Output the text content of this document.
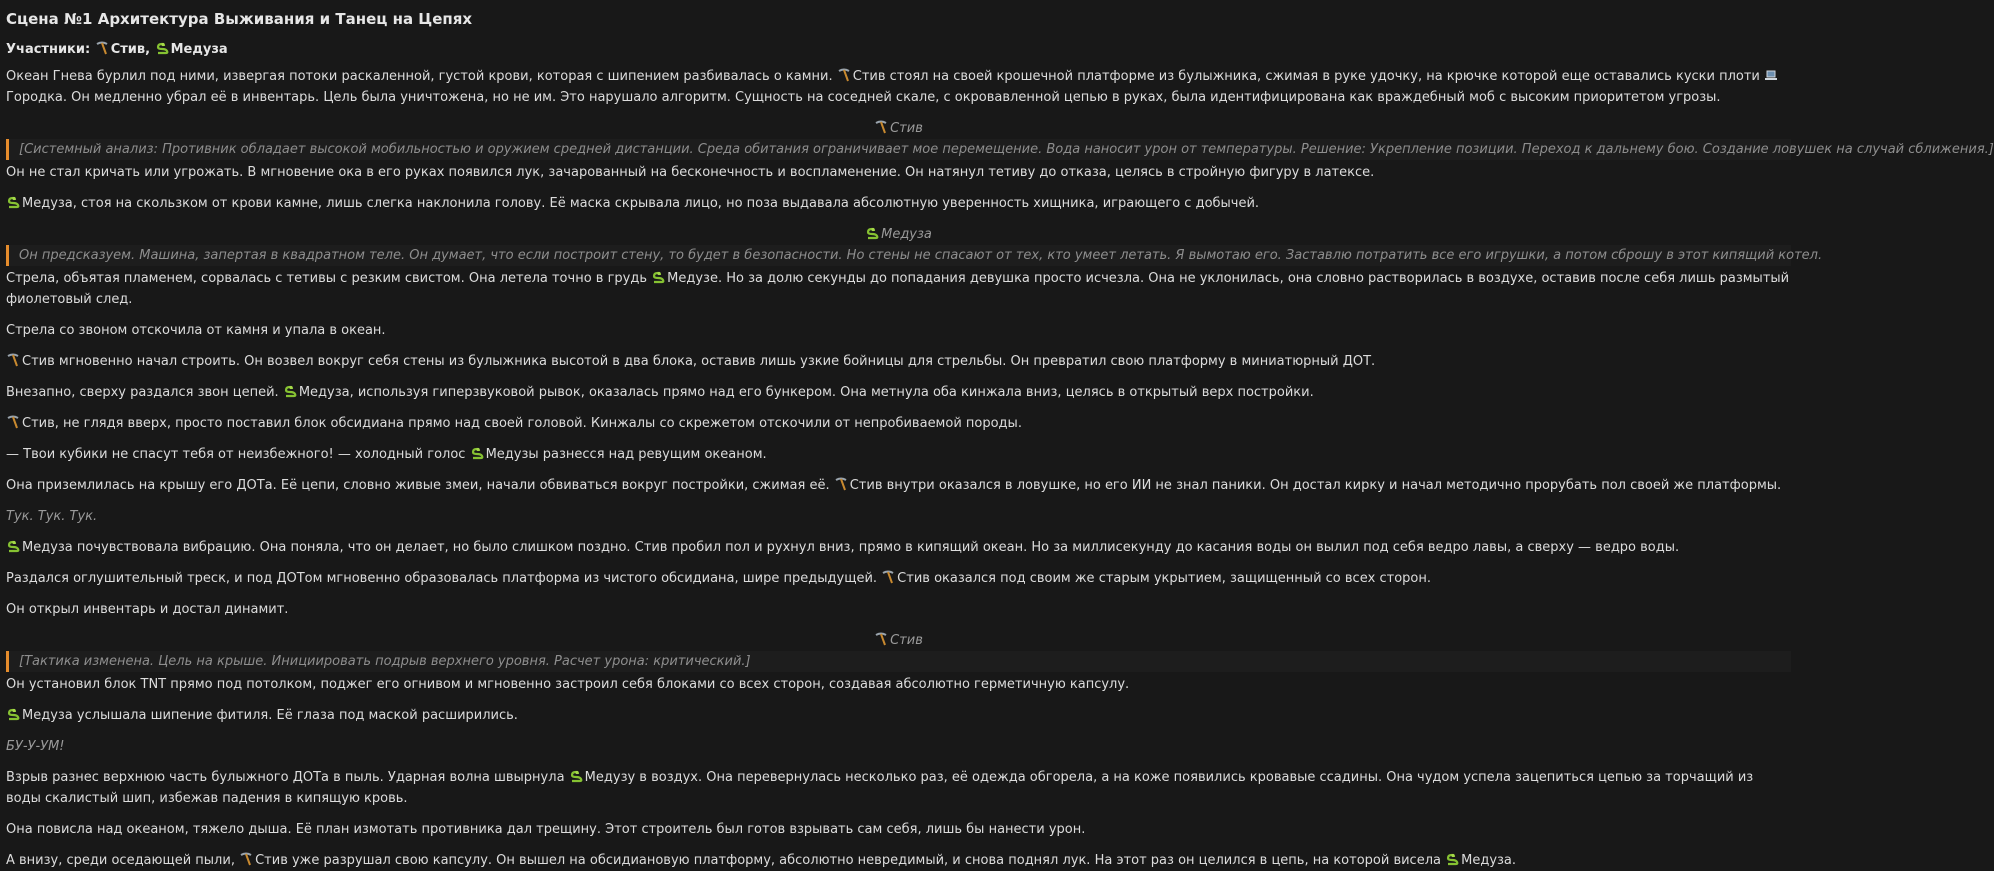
Сцена №1 Архитектура Выживания и Танец на Цепях
Участники: Стив, Медуза

Океан Гнева бурлил под ними, извергая потоки раскаленной, густой крови, которая с шипением разбивалась о камни. Стив стоял на своей крошечной платформе из булыжника, сжимая в руке удочку, на крючке которой еще оставались куски плоти
Городка. Он медленно убрал её в инвентарь. Цель была уничтожена, но не им. Это нарушало алгоритм. Сущность на соседней скале, с окровавленной цепью в руках, была идентифицирована как враждебный моб с высоким приоритетом угрозы.

Стив
[Системный анализ: Противник обладает высокой мобильностью и оружием средней дистанции. Среда обитания ограничивает мое перемещение. Вода наносит урон от температуры. Решение: Укрепление позиции. Переход к дальнему бою. Создание ловушек на случай сближения.]

Он не стал кричать или угрожать. В мгновение ока в его руках появился лук, зачарованный на бесконечность и воспламенение. Он натянул тетиву до отказа, целясь в стройную фигуру в латексе.

Медуза, стоя на скользком от крови камне, лишь слегка наклонила голову. Её маска скрывала лицо, но поза выдавала абсолютную уверенность хищника, играющего с добычей.

Медуза
Он предсказуем. Машина, запертая в квадратном теле. Он думает, что если построит стену, то будет в безопасности. Но стены не спасают от тех, кто умеет летать. Я вымотаю его. Заставлю потратить все его игрушки, а потом сброшу в этот кипящий котел.

Стрела, объятая пламенем, сорвалась с тетивы с резким свистом. Она летела точно в грудь Медузе. Но за долю секунды до попадания девушка просто исчезла. Она не уклонилась, она словно растворилась в воздухе, оставив после себя лишь размытый фиолетовый след.

Стрела со звоном отскочила от камня и упала в океан.

Стив мгновенно начал строить. Он возвел вокруг себя стены из булыжника высотой в два блока, оставив лишь узкие бойницы для стрельбы. Он превратил свою платформу в миниатюрный ДОТ.

Внезапно, сверху раздался звон цепей. Медуза, используя гиперзвуковой рывок, оказалась прямо над его бункером. Она метнула оба кинжала вниз, целясь в открытый верх постройки.

Стив, не глядя вверх, просто поставил блок обсидиана прямо над своей головой. Кинжалы со скрежетом отскочили от непробиваемой породы.

— Твои кубики не спасут тебя от неизбежного! — холодный голос Медузы разнесся над ревущим океаном.

Она приземлилась на крышу его ДОТа. Её цепи, словно живые змеи, начали обвиваться вокруг постройки, сжимая её. Стив внутри оказался в ловушке, но его ИИ не знал паники. Он достал кирку и начал методично прорубать пол своей же платформы.

Тук. Тук. Тук.

Медуза почувствовала вибрацию. Она поняла, что он делает, но было слишком поздно. Стив пробил пол и рухнул вниз, прямо в кипящий океан. Но за миллисекунду до касания воды он вылил под себя ведро лавы, а сверху — ведро воды.

Раздался оглушительный треск, и под ДОТом мгновенно образовалась платформа из чистого обсидиана, шире предыдущей. Стив оказался под своим же старым укрытием, защищенный со всех сторон.

Он открыл инвентарь и достал динамит.

Стив
[Тактика изменена. Цель на крыше. Инициировать подрыв верхнего уровня. Расчет урона: критический.]

Он установил блок TNT прямо под потолком, поджег его огнивом и мгновенно застроил себя блоками со всех сторон, создавая абсолютно герметичную капсулу.

Медуза услышала шипение фитиля. Её глаза под маской расширились.

БУ-У-УМ!

Взрыв разнес верхнюю часть булыжного ДОТа в пыль. Ударная волна швырнула Медузу в воздух. Она перевернулась несколько раз, её одежда обгорела, а на коже появились кровавые ссадины. Она чудом успела зацепиться цепью за торчащий из воды скалистый шип, избежав падения в кипящую кровь.

Она повисла над океаном, тяжело дыша. Её план измотать противника дал трещину. Этот строитель был готов взрывать сам себя, лишь бы нанести урон.

А внизу, среди оседающей пыли, Стив уже разрушал свою капсулу. Он вышел на обсидиановую платформу, абсолютно невредимый, и снова поднял лук. На этот раз он целился в цепь, на которой висела Медуза.
